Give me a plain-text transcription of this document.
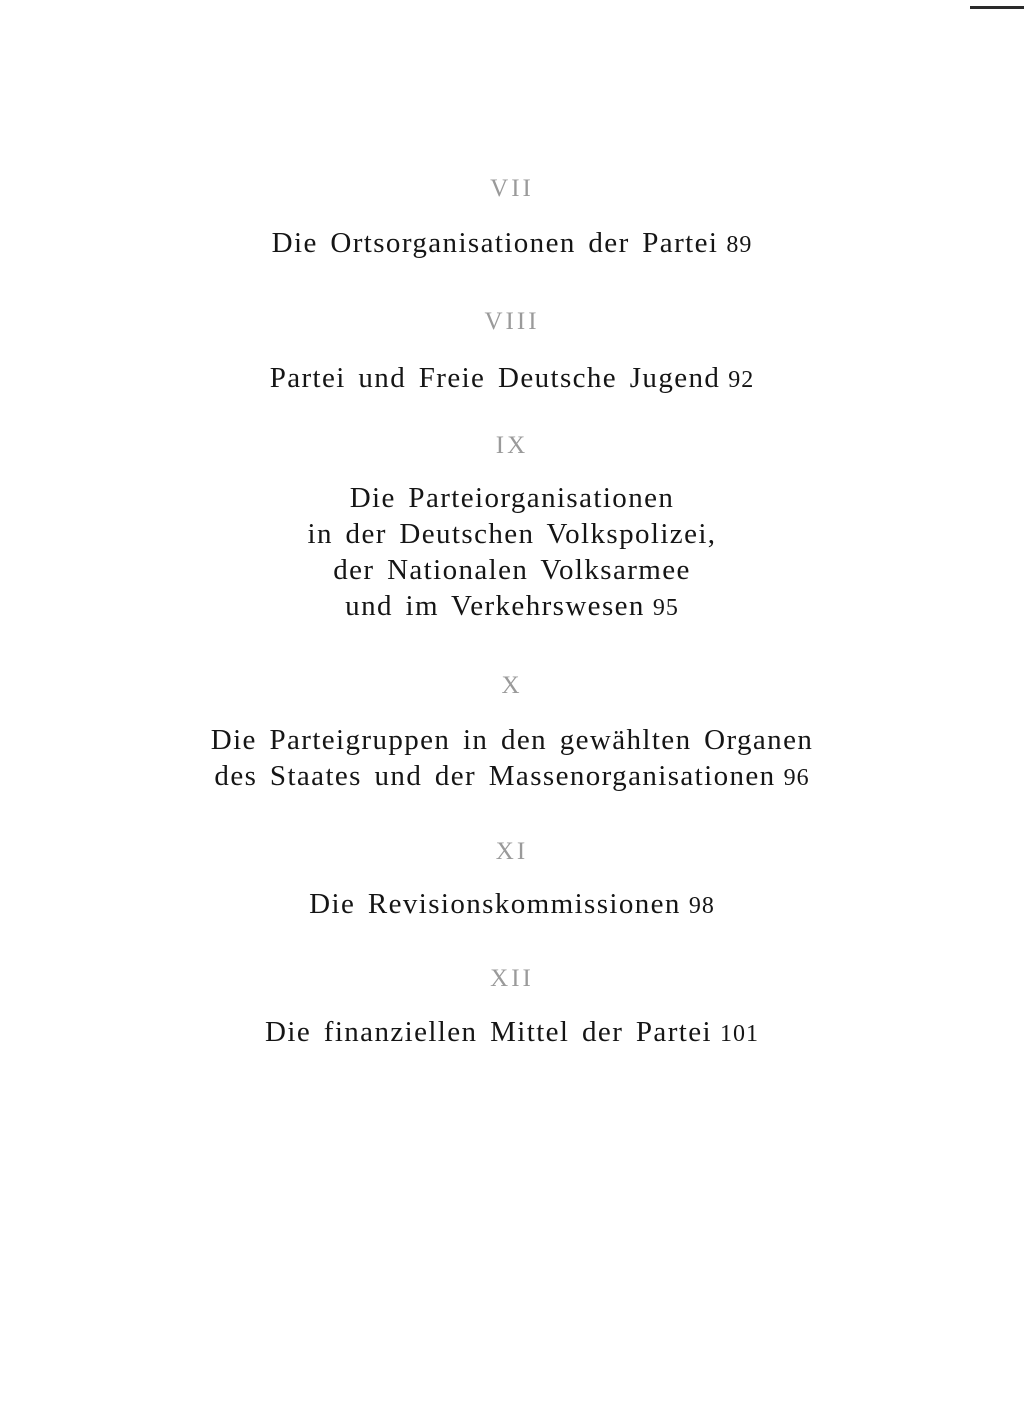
VII
Die Ortsorganisationen der Partei 89
VIII
Partei und Freie Deutsche Jugend 92
IX
Die Parteiorganisationen
in der Deutschen Volkspolizei,
der Nationalen Volksarmee
und im Verkehrswesen 95
X
Die Parteigruppen in den gewählten Organen
des Staates und der Massenorganisationen 96
XI
Die Revisionskommissionen 98
XII
Die finanziellen Mittel der Partei 101
